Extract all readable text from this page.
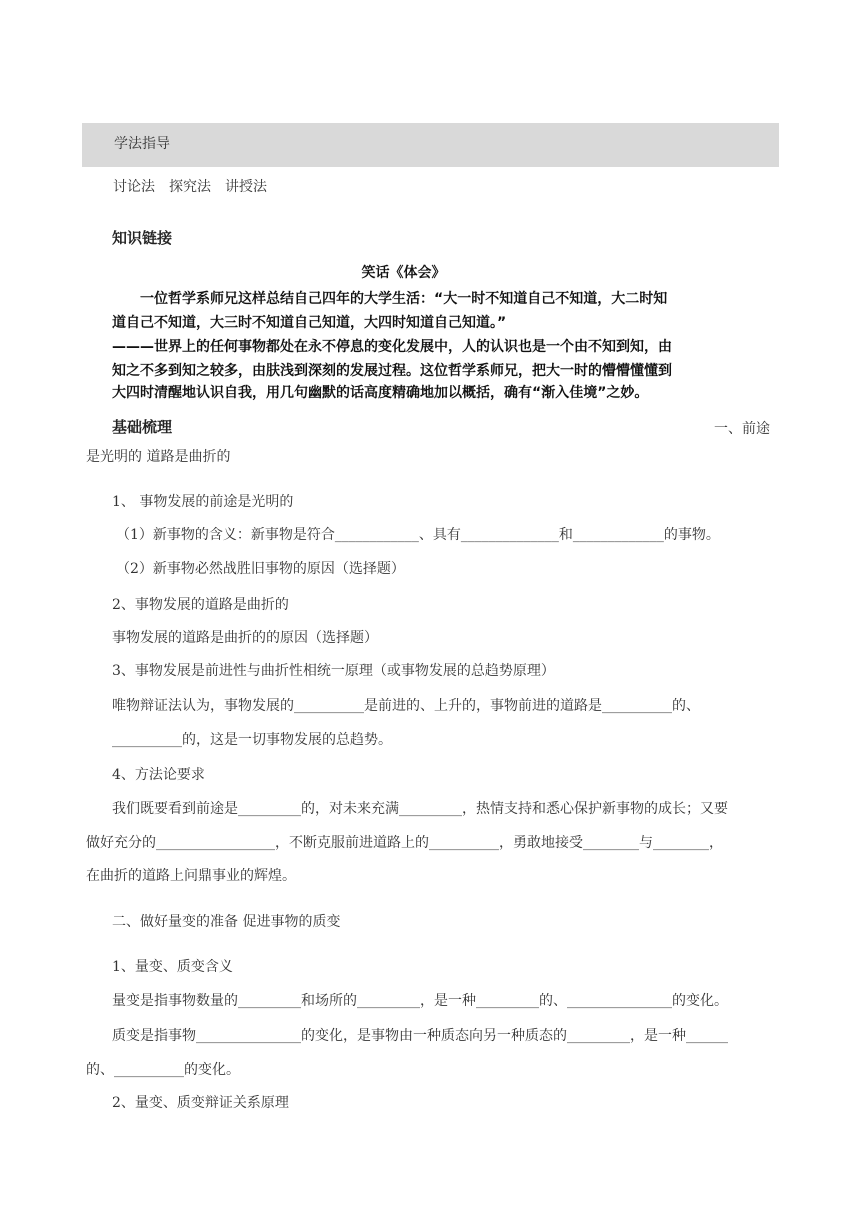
学法指导
讨论法　探究法　讲授法
知识链接
笑话《体会》
　　一位哲学系师兄这样总结自己四年的大学生活：“大一时不知道自己不知道，大二时知
道自己不知道，大三时不知道自己知道，大四时知道自己知道。”
———世界上的任何事物都处在永不停息的变化发展中，人的认识也是一个由不知到知，由
知之不多到知之较多，由肤浅到深刻的发展过程。这位哲学系师兄，把大一时的懵懵懂懂到
大四时清醒地认识自我，用几句幽默的话高度精确地加以概括，确有“渐入佳境”之妙。
基础梳理	一、前途
是光明的 道路是曲折的
1、 事物发展的前途是光明的
（1）新事物的含义：新事物是符合____________、具有______________和_____________的事物。
（2）新事物必然战胜旧事物的原因（选择题）
2、事物发展的道路是曲折的
事物发展的道路是曲折的的原因（选择题）
3、事物发展是前进性与曲折性相统一原理（或事物发展的总趋势原理）
唯物辩证法认为，事物发展的__________是前进的、上升的，事物前进的道路是__________的、
__________的，这是一切事物发展的总趋势。
4、方法论要求
我们既要看到前途是_________的，对未来充满_________，热情支持和悉心保护新事物的成长；又要
做好充分的_________________，不断克服前进道路上的__________，勇敢地接受________与________，
在曲折的道路上问鼎事业的辉煌。
二、做好量变的准备 促进事物的质变
1、量变、质变含义
量变是指事物数量的_________和场所的_________，是一种_________的、_______________的变化。
质变是指事物_______________的变化，是事物由一种质态向另一种质态的_________，是一种______
的、__________的变化。
2、量变、质变辩证关系原理
